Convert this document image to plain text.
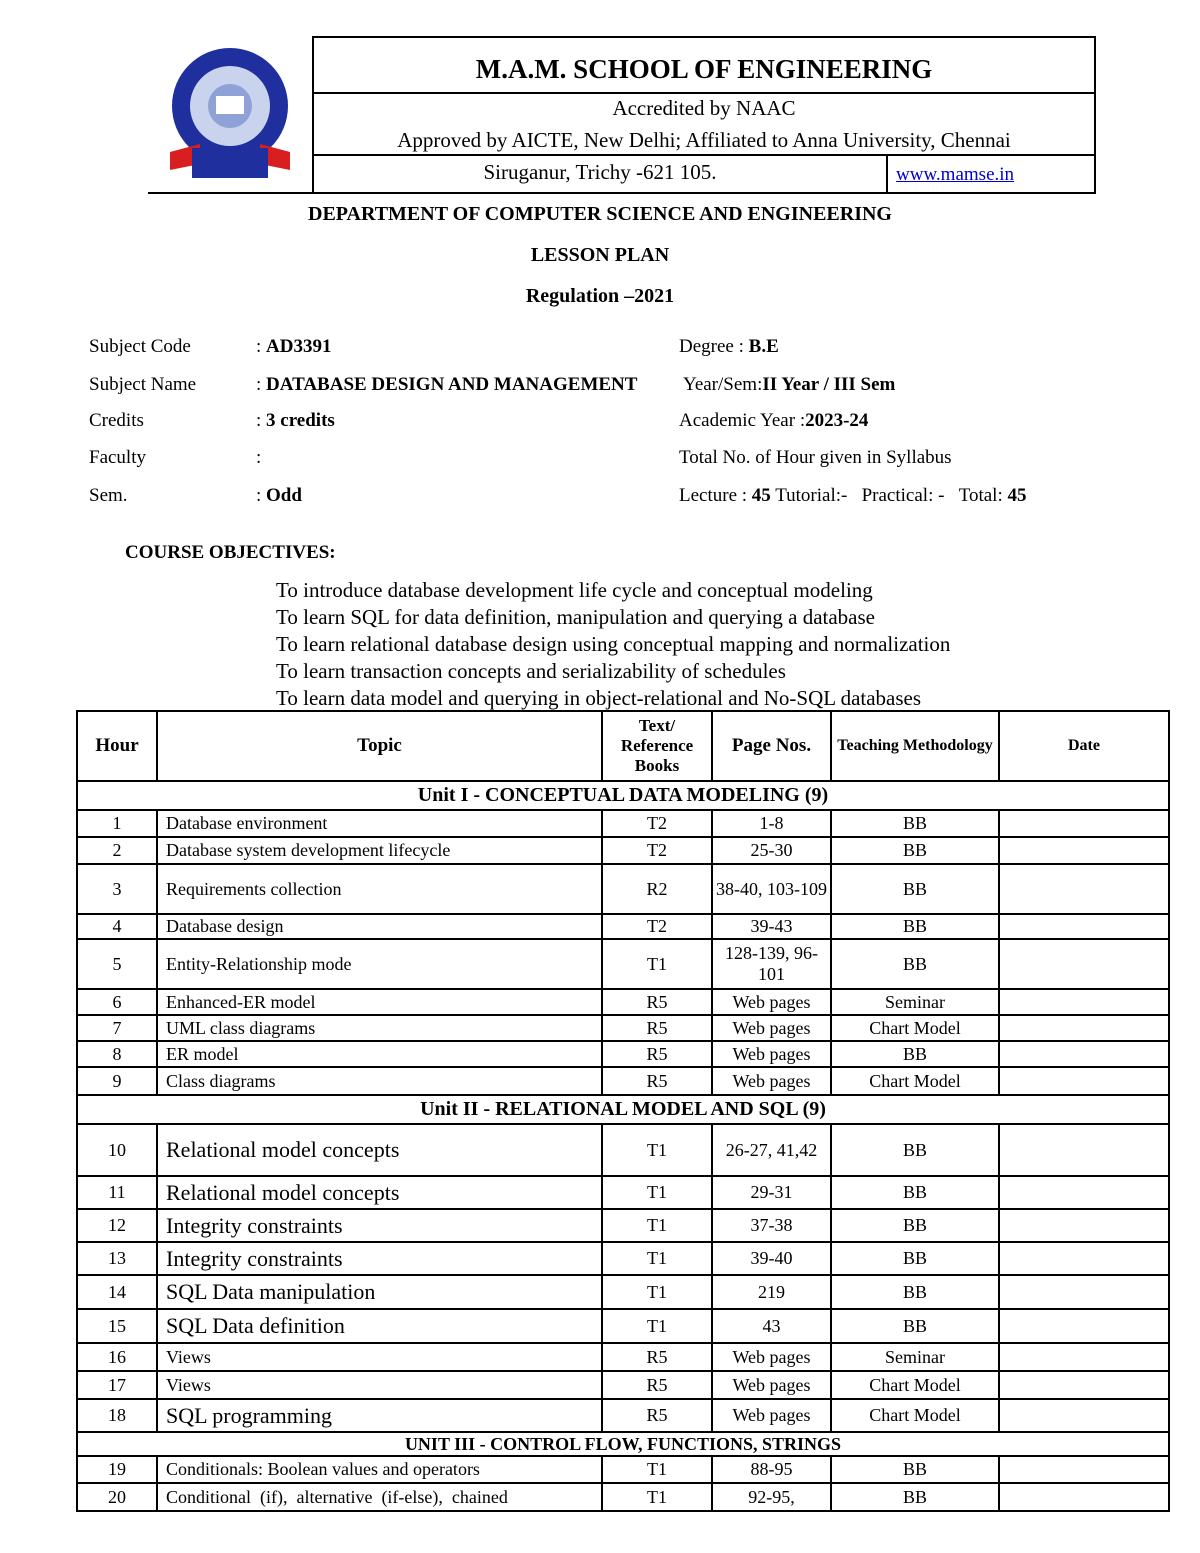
M.A.M. SCHOOL OF ENGINEERING
Accredited by NAAC
Approved by AICTE, New Delhi; Affiliated to Anna University, Chennai
Siruganur, Trichy -621 105.	www.mamse.in
DEPARTMENT OF COMPUTER SCIENCE AND ENGINEERING
LESSON PLAN
Regulation –2021
Subject Code	: AD3391
Subject Name	: DATABASE DESIGN AND MANAGEMENT
Credits	: 3 credits
Faculty	:
Sem.	: Odd
Degree : B.E
Year/Sem:II Year / III Sem
Academic Year :2023-24
Total No. of Hour given in Syllabus
Lecture : 45 Tutorial:- Practical: - Total: 45
COURSE OBJECTIVES:
To introduce database development life cycle and conceptual modeling
To learn SQL for data definition, manipulation and querying a database
To learn relational database design using conceptual mapping and normalization
To learn transaction concepts and serializability of schedules
To learn data model and querying in object-relational and No-SQL databases
Hour	Topic	Text/ Reference Books	Page Nos.	Teaching Methodology	Date
Unit I - CONCEPTUAL DATA MODELING (9)					
1	Database environment	T2	1-8	BB	
2	Database system development lifecycle	T2	25-30	BB	
3	Requirements collection	R2	38-40, 103-109	BB	
4	Database design	T2	39-43	BB	
5	Entity-Relationship mode	T1	128-139, 96-101	BB	
6	Enhanced-ER model	R5	Web pages	Seminar	
7	UML class diagrams	R5	Web pages	Chart Model	
8	ER model	R5	Web pages	BB	
9	Class diagrams	R5	Web pages	Chart Model	
Unit II - RELATIONAL MODEL AND SQL (9)					
10	Relational model concepts	T1	26-27, 41,42	BB	
11	Relational model concepts	T1	29-31	BB	
12	Integrity constraints	T1	37-38	BB	
13	Integrity constraints	T1	39-40	BB	
14	SQL Data manipulation	T1	219	BB	
15	SQL Data definition	T1	43	BB	
16	Views	R5	Web pages	Seminar	
17	Views	R5	Web pages	Chart Model	
18	SQL programming	R5	Web pages	Chart Model	
UNIT III - CONTROL FLOW, FUNCTIONS, STRINGS					
19	Conditionals: Boolean values and operators	T1	88-95	BB	
20	Conditional  (if),  alternative  (if-else),  chained	T1	92-95,	BB	
